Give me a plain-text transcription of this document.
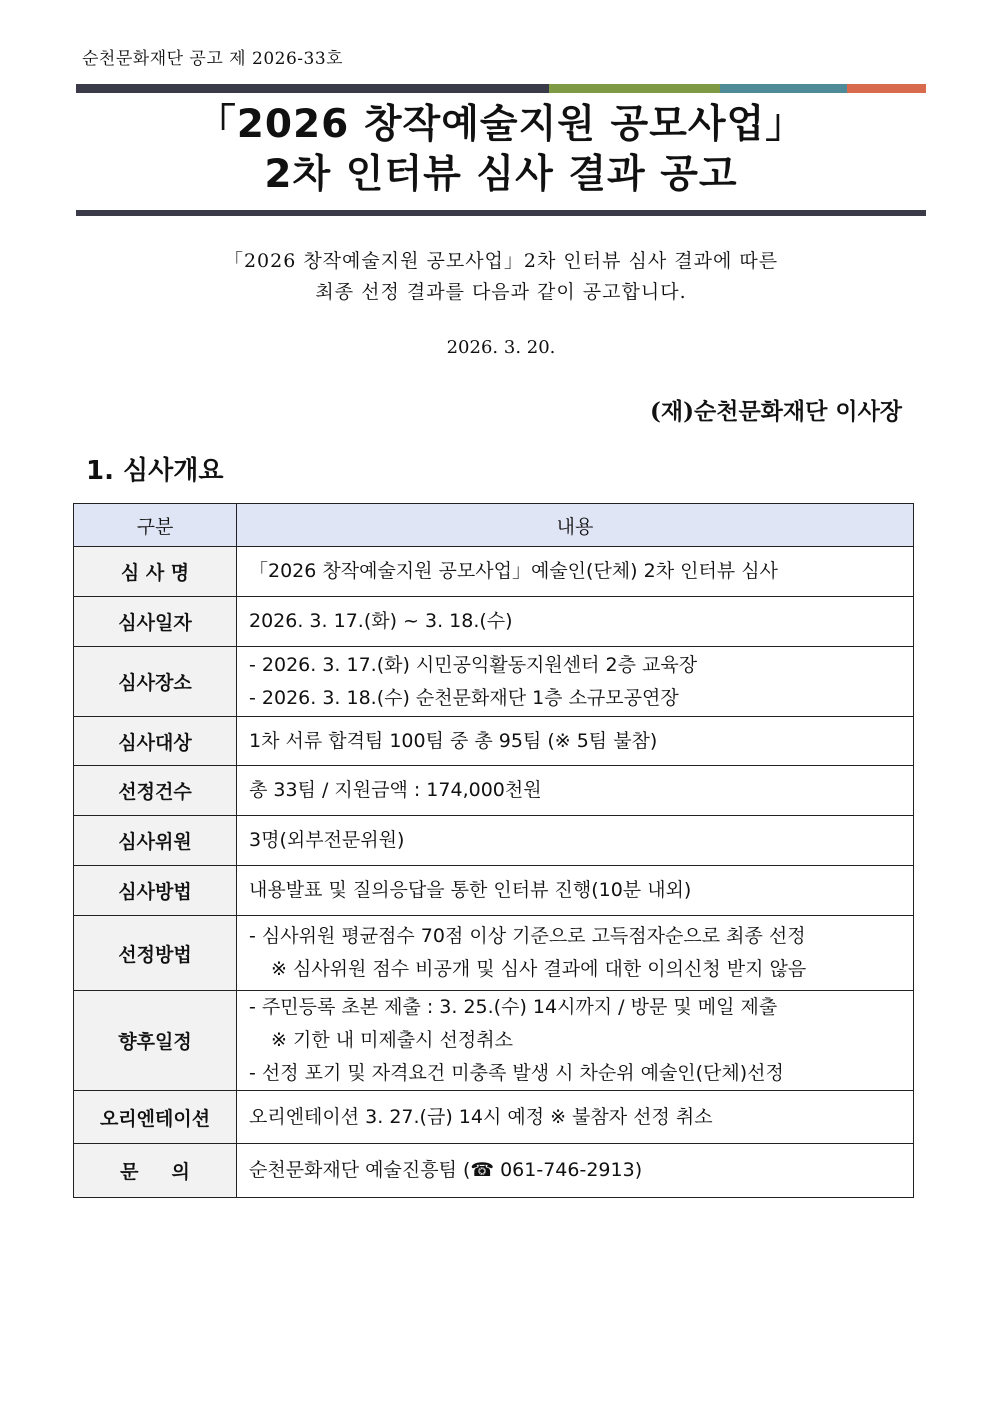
순천문화재단 공고 제 2026-33호
「2026 창작예술지원 공모사업」
2차 인터뷰 심사 결과 공고
「2026 창작예술지원 공모사업」2차 인터뷰 심사 결과에 따른
최종 선정 결과를 다음과 같이 공고합니다.
2026. 3. 20.
(재)순천문화재단 이사장
1. 심사개요
구분	내용
심 사 명	「2026 창작예술지원 공모사업」예술인(단체) 2차 인터뷰 심사

심사일자	2026. 3. 17.(화) ~ 3. 18.(수)

심사장소	- 2026. 3. 17.(화) 시민공익활동지원센터 2층 교육장
- 2026. 3. 18.(수) 순천문화재단 1층 소규모공연장

심사대상	1차 서류 합격팀 100팀 중 총 95팀 (※ 5팀 불참)

선정건수	총 33팀 / 지원금액 : 174,000천원

심사위원	3명(외부전문위원)

심사방법	내용발표 및 질의응답을 통한 인터뷰 진행(10분 내외)

선정방법	- 심사위원 평균점수 70점 이상 기준으로 고득점자순으로 최종 선정
※ 심사위원 점수 비공개 및 심사 결과에 대한 이의신청 받지 않음

향후일정	- 주민등록 초본 제출 : 3. 25.(수) 14시까지 / 방문 및 메일 제출
※ 기한 내 미제출시 선정취소
- 선정 포기 및 자격요건 미충족 발생 시 차순위 예술인(단체)선정

오리엔테이션	오리엔테이션 3. 27.(금) 14시 예정 ※ 불참자 선정 취소

문     의	순천문화재단 예술진흥팀 (☎ 061-746-2913)
